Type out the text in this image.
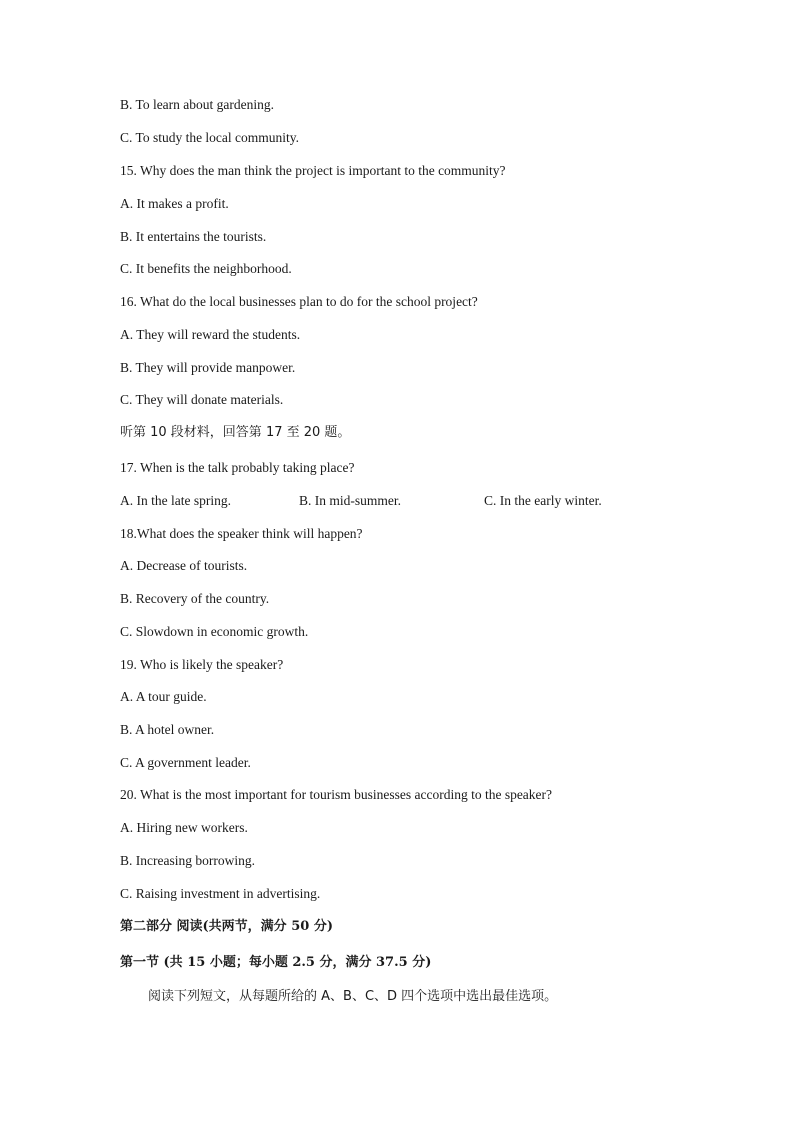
B. To learn about gardening.
C. To study the local community.
15. Why does the man think the project is important to the community?
A. It makes a profit.
B. It entertains the tourists.
C. It benefits the neighborhood.
16. What do the local businesses plan to do for the school project?
A. They will reward the students.
B. They will provide manpower.
C. They will donate materials.
听第 10 段材料，回答第 17 至 20 题。
17. When is the talk probably taking place?
A. In the late spring.	B. In mid-summer.	C. In the early winter.
18.What does the speaker think will happen?
A. Decrease of tourists.
B. Recovery of the country.
C. Slowdown in economic growth.
19. Who is likely the speaker?
A. A tour guide.
B. A hotel owner.
C. A government leader.
20. What is the most important for tourism businesses according to the speaker?
A. Hiring new workers.
B. Increasing borrowing.
C. Raising investment in advertising.
第二部分 阅读(共两节，满分 50 分)
第一节 (共 15 小题；每小题 2.5 分，满分 37.5 分)
阅读下列短文，从每题所给的 A、B、C、D 四个选项中选出最佳选项。
